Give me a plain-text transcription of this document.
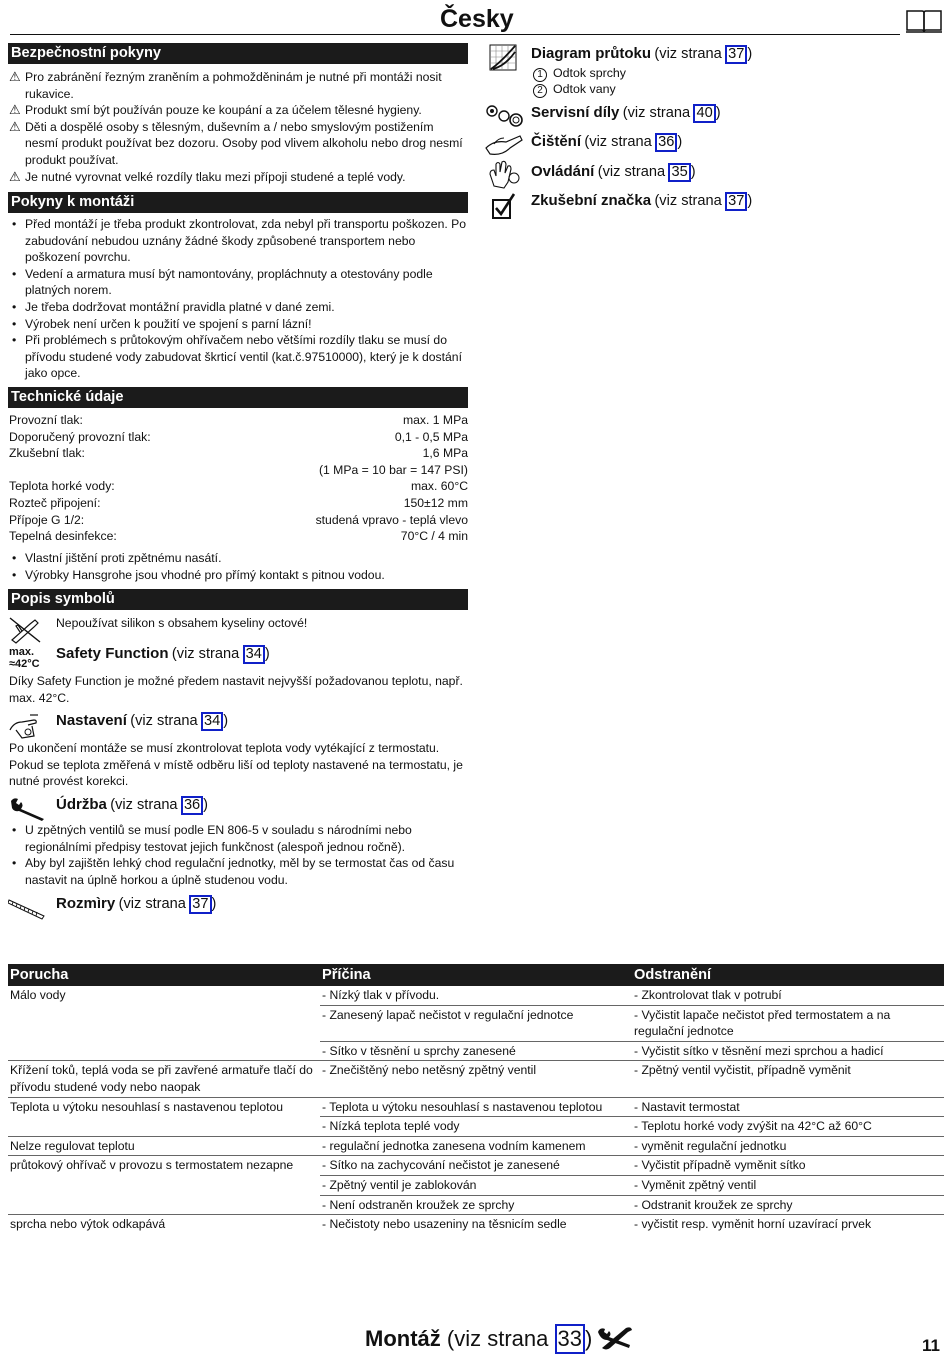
Česky
Bezpečnostní pokyny
⚠ Pro zabránění řezným zraněním a pohmožděninám je nutné při montáži nosit rukavice.
⚠ Produkt smí být používán pouze ke koupání a za účelem tělesné hygieny.
⚠ Děti a dospělé osoby s tělesným, duševním a / nebo smyslovým postižením nesmí produkt používat bez dozoru. Osoby pod vlivem alkoholu nebo drog nesmí produkt používat.
⚠ Je nutné vyrovnat velké rozdíly tlaku mezi přípoji studené a teplé vody.
Pokyny k montáži
• Před montáží je třeba produkt zkontrolovat, zda nebyl při transportu poškozen. Po zabudování nebudou uznány žádné škody způsobené transportem nebo poškození povrchu.
• Vedení a armatura musí být namontovány, propláchnuty a otestovány podle platných norem.
• Je třeba dodržovat montážní pravidla platné v dané zemi.
• Výrobek není určen k použití ve spojení s parní lázní!
• Při problémech s průtokovým ohřívačem nebo většími rozdíly tlaku se musí do přívodu studené vody zabudovat škrticí ventil (kat.č.97510000), který je k dostání jako opce.
Technické údaje
Provozní tlak:	max. 1 MPa
Doporučený provozní tlak:	0,1 - 0,5 MPa
Zkušební tlak:	1,6 MPa
(1 MPa = 10 bar = 147 PSI)
Teplota horké vody:	max. 60°C
Rozteč připojení:	150±12 mm
Přípoje G 1/2:	studená vpravo - teplá vlevo
Tepelná desinfekce:	70°C / 4 min
• Vlastní jištění proti zpětnému nasátí.
• Výrobky Hansgrohe jsou vhodné pro přímý kontakt s pitnou vodou.
Popis symbolů
Nepoužívat silikon s obsahem kyseliny octové!
max.
≈42°C
Safety Function (viz strana 34 )
Díky Safety Function je možné předem nastavit nejvyšší požadovanou teplotu, např. max. 42°C.
Nastavení (viz strana 34 )
Po ukončení montáže se musí zkontrolovat teplota vody vytékající z termostatu. Pokud se teplota změřená v místě odběru liší od teploty nastavené na termostatu, je nutné provést korekci.
Údržba (viz strana 36 )
• U zpětných ventilů se musí podle EN 806-5 v souladu s národními nebo regionálními předpisy testovat jejich funkčnost (alespoň jednou ročně).
• Aby byl zajištěn lehký chod regulační jednotky, měl by se termostat čas od času nastavit na úplně horkou a úplně studenou vodu.
Rozmìry (viz strana 37 )
Diagram průtoku (viz strana 37 )
1 Odtok sprchy
2 Odtok vany
Servisní díly (viz strana 40 )
Čištění (viz strana 36 )
Ovládání (viz strana 35 )
Zkušební značka (viz strana 37 )
Porucha	Příčina	Odstranění
Málo vody	- Nízký tlak v přívodu.	- Zkontrolovat tlak v potrubí
	- Zanesený lapač nečistot v regulační jednotce	- Vyčistit lapače nečistot před termostatem a na regulační jednotce
	- Sítko v těsnění u sprchy zanesené	- Vyčistit sítko v těsnění mezi sprchou a hadicí
Křížení toků, teplá voda se při zavřené armatuře tlačí do přívodu studené vody nebo naopak	- Znečištěný nebo netěsný zpětný ventil	- Zpětný ventil vyčistit, případně vyměnit
Teplota u výtoku nesouhlasí s nastavenou teplotou	- Teplota u výtoku nesouhlasí s nastavenou teplotou	- Nastavit termostat
	- Nízká teplota teplé vody	- Teplotu horké vody zvýšit na 42°C až 60°C
Nelze regulovat teplotu	- regulační jednotka zanesena vodním kamenem	- vyměnit regulační jednotku
průtokový ohřívač v provozu s termostatem nezapne	- Sítko na zachycování nečistot je zanesené	- Vyčistit případně vyměnit sítko
	- Zpětný ventil je zablokován	- Vyměnit zpětný ventil
	- Není odstraněn kroužek ze sprchy	- Odstranit kroužek ze sprchy
sprcha nebo výtok odkapává	- Nečistoty nebo usazeniny na těsnicím sedle	- vyčistit resp. vyměnit horní uzavírací prvek
Montáž (viz strana 33 )	11
